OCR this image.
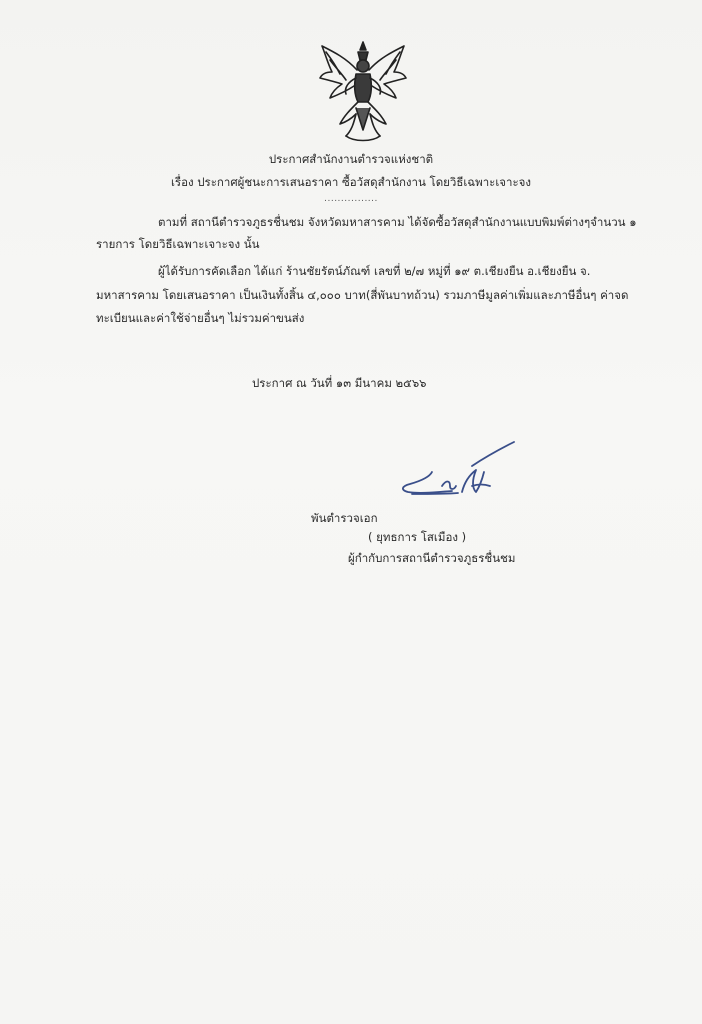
ประกาศสำนักงานตำรวจแห่งชาติ
เรื่อง ประกาศผู้ชนะการเสนอราคา ซื้อวัสดุสำนักงาน โดยวิธีเฉพาะเจาะจง
................
ตามที่ สถานีตำรวจภูธรชื่นชม จังหวัดมหาสารคาม ได้จัดซื้อวัสดุสำนักงานแบบพิมพ์ต่างๆจำนวน ๑
รายการ โดยวิธีเฉพาะเจาะจง นั้น
ผู้ได้รับการคัดเลือก ได้แก่ ร้านชัยรัตน์ภัณฑ์ เลขที่ ๒/๗ หมู่ที่ ๑๙ ต.เชียงยืน อ.เชียงยืน จ.
มหาสารคาม โดยเสนอราคา เป็นเงินทั้งสิ้น ๔,๐๐๐ บาท(สี่พันบาทถ้วน) รวมภาษีมูลค่าเพิ่มและภาษีอื่นๆ ค่าจด
ทะเบียนและค่าใช้จ่ายอื่นๆ ไม่รวมค่าขนส่ง
ประกาศ ณ วันที่ ๑๓ มีนาคม ๒๕๖๖
พันตำรวจเอก
( ยุทธการ โสเมือง )
ผู้กำกับการสถานีตำรวจภูธรชื่นชม
